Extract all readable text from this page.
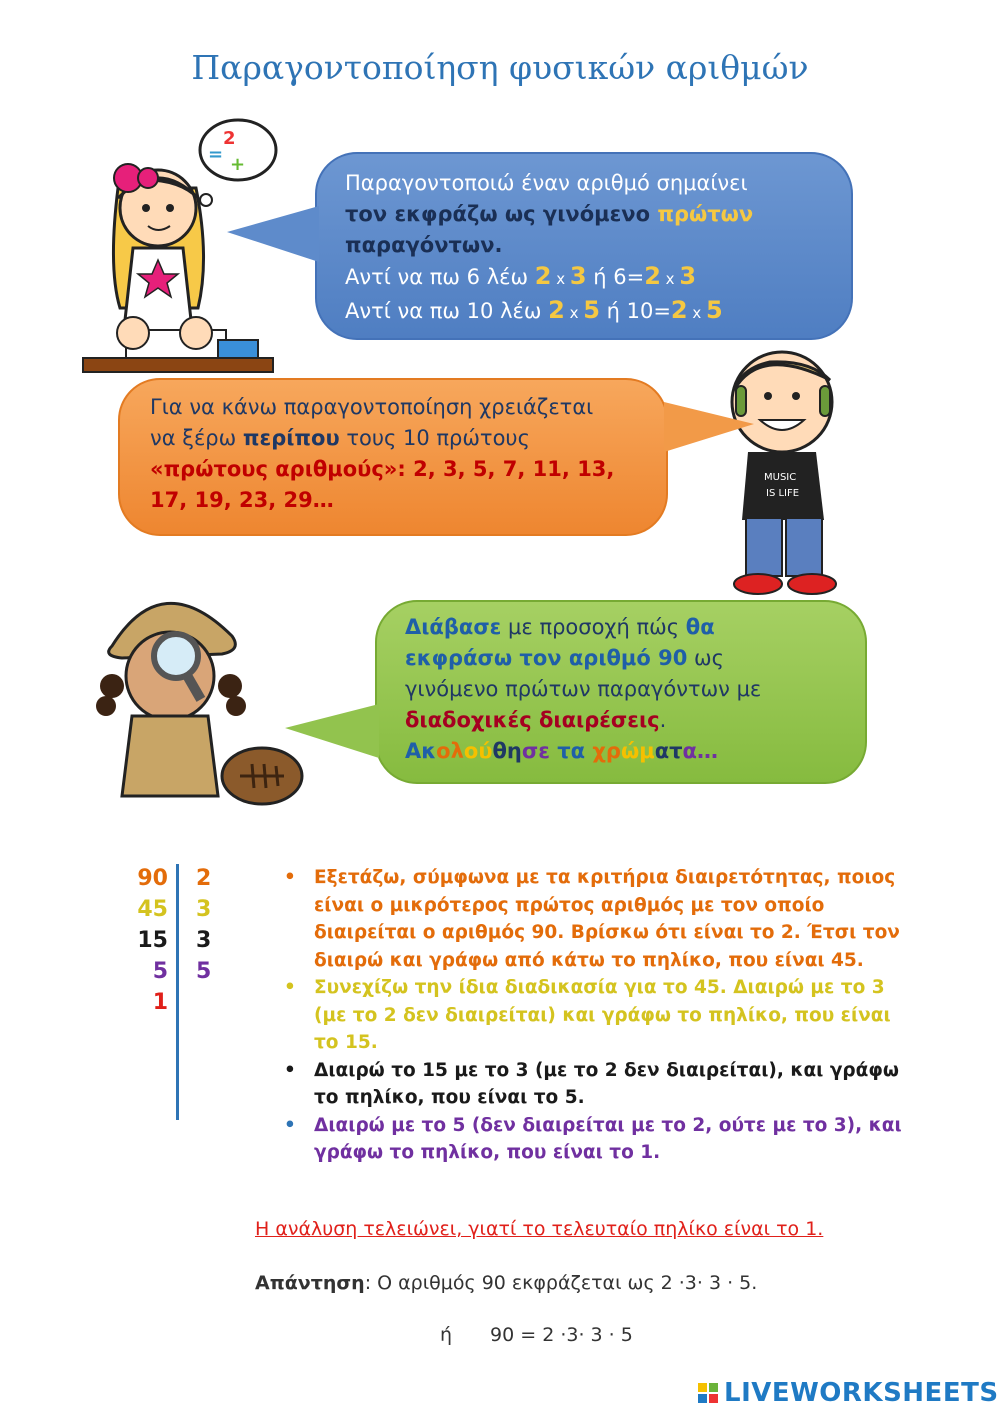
Παραγοντοποίηση φυσικών αριθμών
2
= +
MUSIC
IS LIFE
Παραγοντοποιώ έναν αριθμό σημαίνει
τον εκφράζω ως γινόμενο πρώτων
παραγόντων.
Αντί να πω 6 λέω 2 x 3 ή 6=2 x 3
Αντί να πω 10 λέω 2 x 5 ή 10=2 x 5
Για να κάνω παραγοντοποίηση χρειάζεται
να ξέρω περίπου τους 10 πρώτους
«πρώτους αριθμούς»: 2, 3, 5, 7, 11, 13,
17, 19, 23, 29…
Διάβασε με προσοχή πώς θα
εκφράσω τον αριθμό 90 ως
γινόμενο πρώτων παραγόντων με
διαδοχικές διαιρέσεις.
Ακολούθησε τα χρώματα…
90
45
15
5
1
2
3
3
5
• Εξετάζω, σύμφωνα με τα κριτήρια διαιρετότητας, ποιος είναι ο μικρότερος πρώτος αριθμός με τον οποίο διαιρείται ο αριθμός 90. Βρίσκω ότι είναι το 2. Έτσι τον διαιρώ και γράφω από κάτω το πηλίκο, που είναι 45.
• Συνεχίζω την ίδια διαδικασία για το 45. Διαιρώ με το 3 (με το 2 δεν διαιρείται) και γράφω το πηλίκο, που είναι το 15.
• Διαιρώ το 15 με το 3 (με το 2 δεν διαιρείται), και γράφω το πηλίκο, που είναι το 5.
• Διαιρώ με το 5 (δεν διαιρείται με το 2, ούτε με το 3), και γράφω το πηλίκο, που είναι το 1.
Η ανάλυση τελειώνει, γιατί το τελευταίο πηλίκο είναι το 1.
Απάντηση: Ο αριθμός 90 εκφράζεται ως 2 ·3· 3 · 5.
ή 90 = 2 ·3· 3 · 5
LIVEWORKSHEETS
